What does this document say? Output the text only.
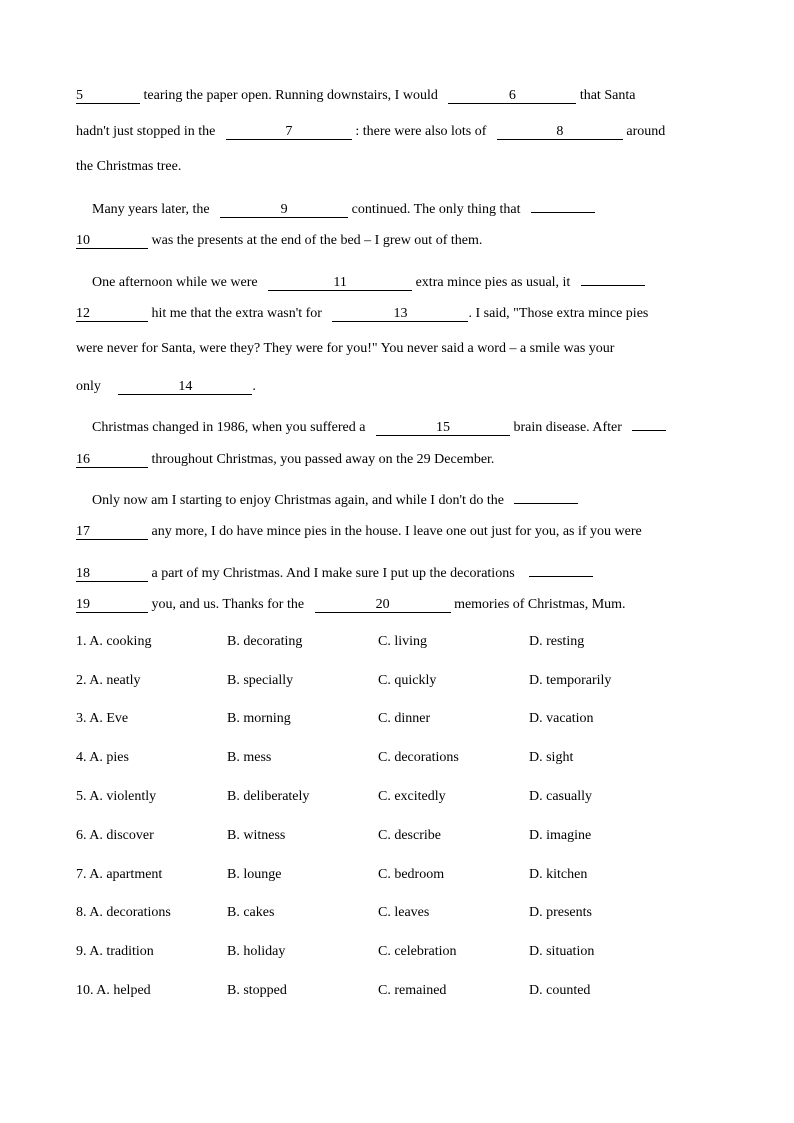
5	tearing the paper open. Running downstairs, I would	6	that Santa
hadn't just stopped in the	7	: there were also lots of	8	around
the Christmas tree.
Many years later, the	9	continued. The only thing that
10	was the presents at the end of the bed – I grew out of them.
One afternoon while we were	11	extra mince pies as usual, it
12	hit me that the extra wasn't for	13	. I said, "Those extra mince pies
were never for Santa, were they? They were for you!" You never said a word – a smile was your
only	14	.
Christmas changed in 1986, when you suffered a	15	brain disease. After
16	throughout Christmas, you passed away on the 29 December.
Only now am I starting to enjoy Christmas again, and while I don't do the
17	any more, I do have mince pies in the house. I leave one out just for you, as if you were
18	a part of my Christmas. And I make sure I put up the decorations
19	you, and us. Thanks for the	20	memories of Christmas, Mum.
1. A. cooking	B. decorating	C. living	D. resting
2. A. neatly	B. specially	C. quickly	D. temporarily
3. A. Eve	B. morning	C. dinner	D. vacation
4. A. pies	B. mess	C. decorations	D. sight
5. A. violently	B. deliberately	C. excitedly	D. casually
6. A. discover	B. witness	C. describe	D. imagine
7. A. apartment	B. lounge	C. bedroom	D. kitchen
8. A. decorations	B. cakes	C. leaves	D. presents
9. A. tradition	B. holiday	C. celebration	D. situation
10. A. helped	B. stopped	C. remained	D. counted
